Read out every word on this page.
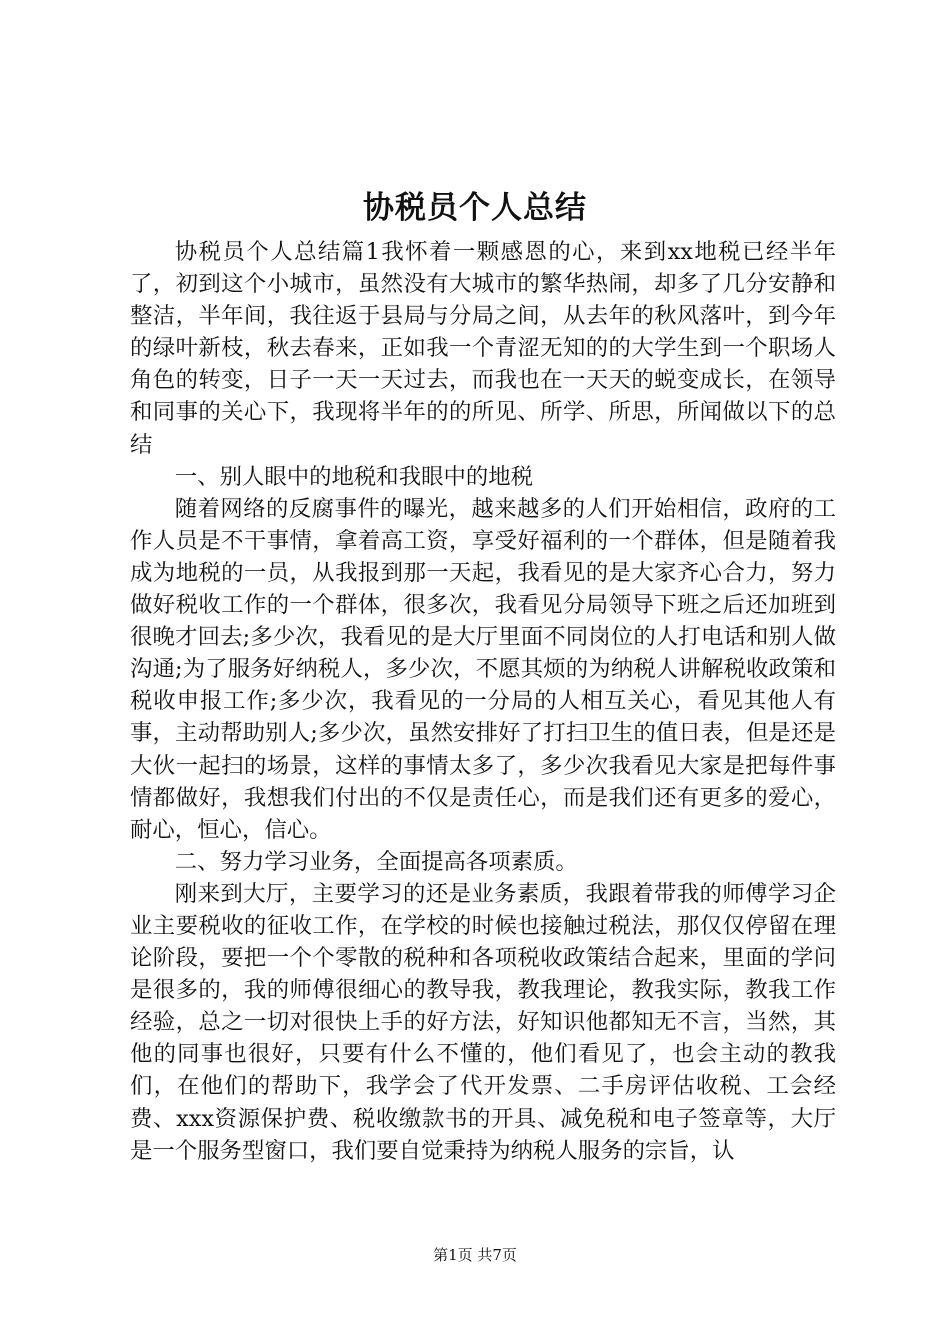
协税员个人总结

协税员个人总结篇1我怀着一颗感恩的心，来到xx地税已经半年了，初到这个小城市，虽然没有大城市的繁华热闹，却多了几分安静和整洁，半年间，我往返于县局与分局之间，从去年的秋风落叶，到今年的绿叶新枝，秋去春来，正如我一个青涩无知的的大学生到一个职场人角色的转变，日子一天一天过去，而我也在一天天的蜕变成长，在领导和同事的关心下，我现将半年的的所见、所学、所思，所闻做以下的总结

一、别人眼中的地税和我眼中的地税

随着网络的反腐事件的曝光，越来越多的人们开始相信，政府的工作人员是不干事情，拿着高工资，享受好福利的一个群体，但是随着我成为地税的一员，从我报到那一天起，我看见的是大家齐心合力，努力做好税收工作的一个群体，很多次，我看见分局领导下班之后还加班到很晚才回去;多少次，我看见的是大厅里面不同岗位的人打电话和别人做沟通;为了服务好纳税人，多少次，不愿其烦的为纳税人讲解税收政策和税收申报工作;多少次，我看见的一分局的人相互关心，看见其他人有事，主动帮助别人;多少次，虽然安排好了打扫卫生的值日表，但是还是大伙一起扫的场景，这样的事情太多了，多少次我看见大家是把每件事情都做好，我想我们付出的不仅是责任心，而是我们还有更多的爱心，耐心，恒心，信心。

二、努力学习业务，全面提高各项素质。

刚来到大厅，主要学习的还是业务素质，我跟着带我的师傅学习企业主要税收的征收工作，在学校的时候也接触过税法，那仅仅停留在理论阶段，要把一个个零散的税种和各项税收政策结合起来，里面的学问是很多的，我的师傅很细心的教导我，教我理论，教我实际，教我工作经验，总之一切对很快上手的好方法，好知识他都知无不言，当然，其他的同事也很好，只要有什么不懂的，他们看见了，也会主动的教我们，在他们的帮助下，我学会了代开发票、二手房评估收税、工会经费、xxx资源保护费、税收缴款书的开具、减免税和电子签章等，大厅是一个服务型窗口，我们要自觉秉持为纳税人服务的宗旨，认

第1页 共7页
